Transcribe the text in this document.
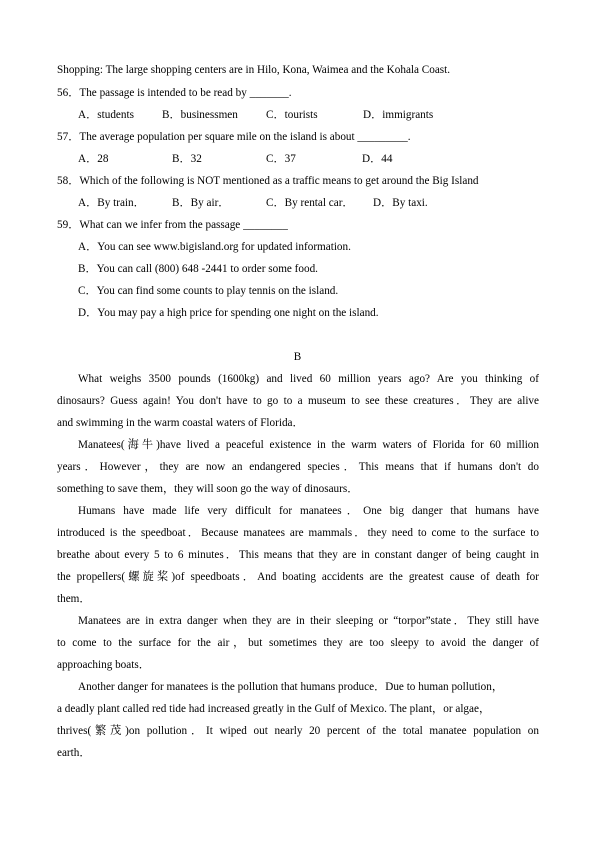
Shopping: The large shopping centers are in Hilo, Kona, Waimea and the Kohala Coast.
56．The passage is intended to be read by _______.
A．students	B．businessmen	C．tourists	D．immigrants
57．The average population per square mile on the island is about _________.
A．28	B．32	C．37	D．44
58．Which of the following is NOT mentioned as a traffic means to get around the Big Island
A．By train． B．By air．	C．By rental car． D．By taxi.
59．What can we infer from the passage ________
A．You can see www.bigisland.org for updated information.
B．You can call (800) 648 ‐2441 to order some food.
C．You can find some counts to play tennis on the island.
D．You may pay a high price for spending one night on the island.
B
What weighs 3500 pounds (1600kg) and lived 60 million years ago? Are you thinking of
dinosaurs? Guess again! You don't have to go to a museum to see these creatures．They are alive
and swimming in the warm coastal waters of Florida．
Manatees(海牛)have lived a peaceful existence in the warm waters of Florida for 60 million
years．However，they are now an endangered species．This means that if humans don't do
something to save them，they will soon go the way of dinosaurs．
Humans have made life very difficult for manatees．One big danger that humans have
introduced is the speedboat．Because manatees are mammals．they need to come to the surface to
breathe about every 5 to 6 minutes．This means that they are in constant danger of being caught in
the propellers(螺旋桨)of speedboats．And boating accidents are the greatest cause of death for
them．
Manatees are in extra danger when they are in their sleeping or “torpor”state．They still have
to come to the surface for the air，but sometimes they are too sleepy to avoid the danger of
approaching boats．
Another danger for manatees is the pollution that humans produce．Due to human pollution，
a deadly plant called red tide had increased greatly in the Gulf of Mexico. The plant，or algae，
thrives(繁茂)on pollution．It wiped out nearly 20 percent of the total manatee population on
earth．
